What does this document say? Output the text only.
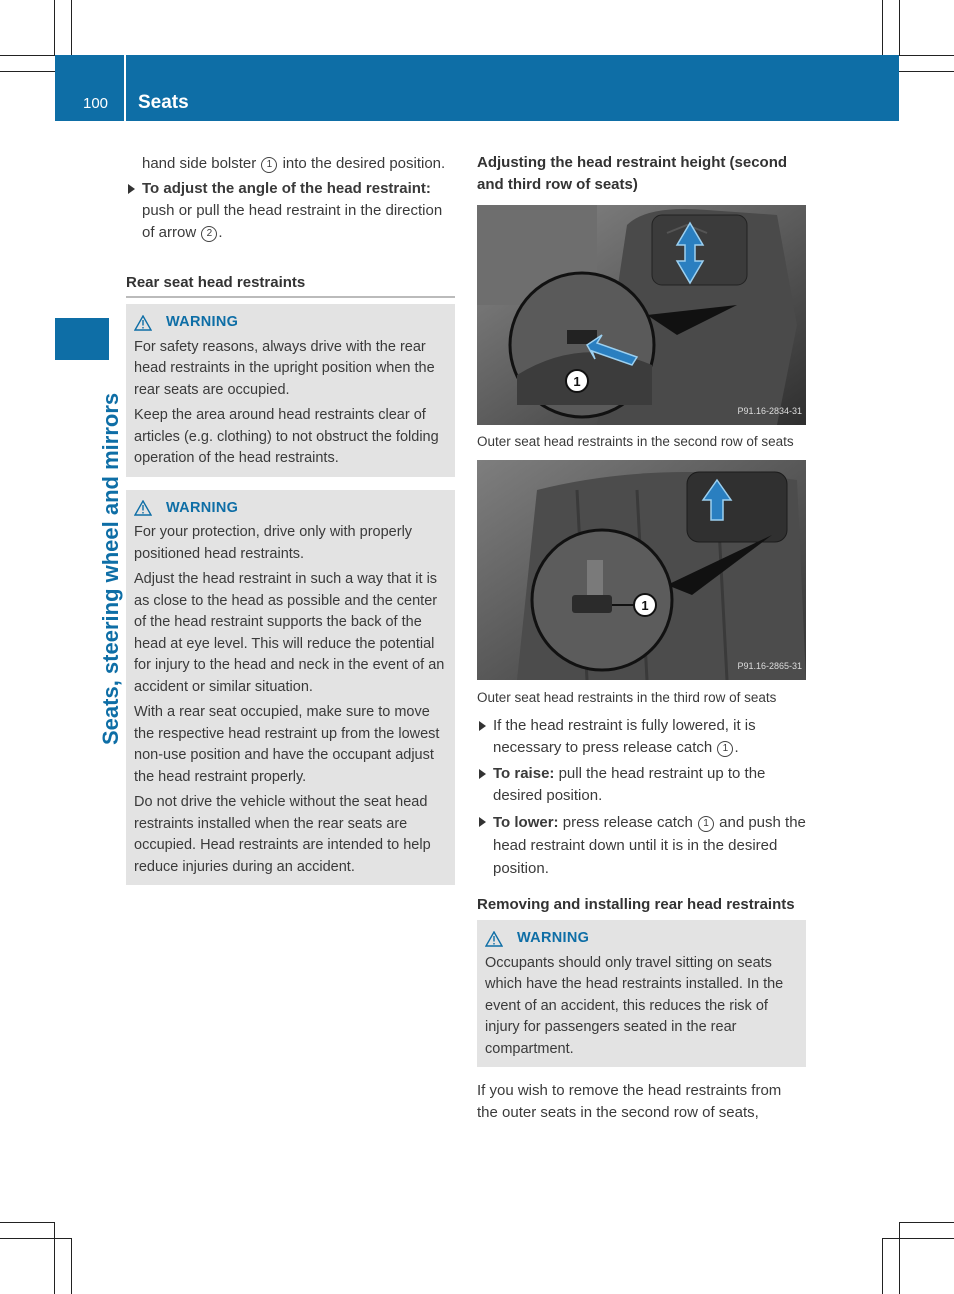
100 Seats
Seats, steering wheel and mirrors

hand side bolster 1 into the desired position.

To adjust the angle of the head restraint: push or pull the head restraint in the direction of arrow 2 .

Rear seat head restraints
WARNING

For safety reasons, always drive with the rear head restraints in the upright position when the rear seats are occupied.

Keep the area around head restraints clear of articles (e.g. clothing) to not obstruct the folding operation of the head restraints.

WARNING

For your protection, drive only with properly positioned head restraints.

Adjust the head restraint in such a way that it is as close to the head as possible and the center of the head restraint supports the back of the head at eye level. This will reduce the potential for injury to the head and neck in the event of an accident or similar situation.

With a rear seat occupied, make sure to move the respective head restraint up from the lowest non-use position and have the occupant adjust the head restraint properly.

Do not drive the vehicle without the seat head restraints installed when the rear seats are occupied. Head restraints are intended to help reduce injuries during an accident.

Adjusting the head restraint height (second and third row of seats)

1
P91.16-2834-31

Outer seat head restraints in the second row of seats

1
P91.16-2865-31

Outer seat head restraints in the third row of seats

If the head restraint is fully lowered, it is necessary to press release catch 1 .

To raise: pull the head restraint up to the desired position.

To lower: press release catch 1 and push the head restraint down until it is in the desired position.

Removing and installing rear head restraints

WARNING

Occupants should only travel sitting on seats which have the head restraints installed. In the event of an accident, this reduces the risk of injury for passengers seated in the rear compartment.

If you wish to remove the head restraints from the outer seats in the second row of seats,
